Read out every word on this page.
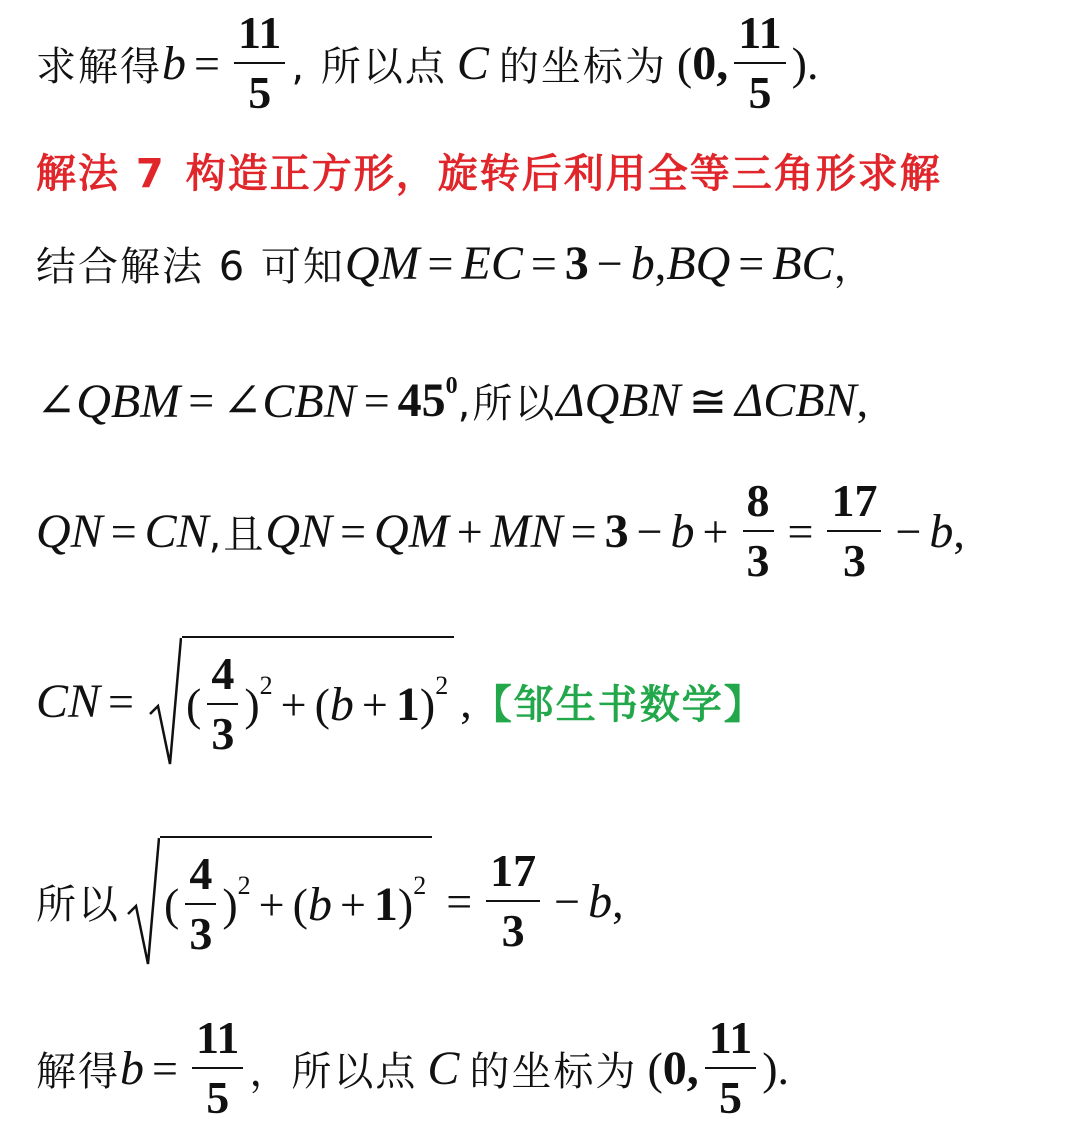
求解得 $b = \frac{11}{5}$ , 所以点 C 的坐标为 ( 0, $\frac{11}{5}$ ).
解法 7 构造正方形，旋转后利用全等三角形求解
结合解法 6 可知 QM = EC = 3 − b , BQ = BC ，
∠QBM = ∠CBN = $45^0$ ,所以 ΔQBN ≅ ΔCBN ,
QN = CN ,且 QN = QM + MN = $3 - b + \frac{8}{3} = \frac{17}{3} - b$ ,
CN = ( $\frac{4}{3} )^2$ + ( b + 1 )$^2$ , 【邹生书数学】
所以 ( $\frac{4}{3} )^2$ + ( b + 1 )$^2 = \frac{17}{3} - b$ ,
解得 $b = \frac{11}{5}$ ，所以点 C 的坐标为 ( 0, $\frac{11}{5}$ ).
